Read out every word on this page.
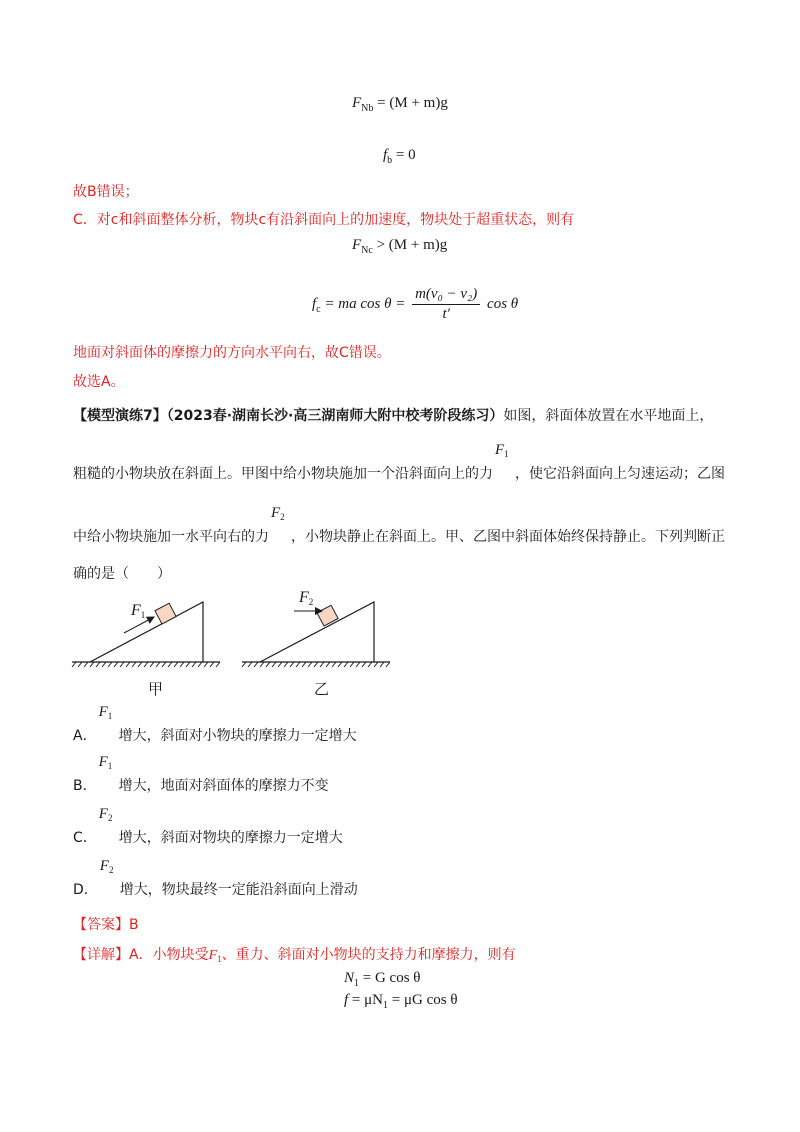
$F_{Nb} = (M + m)g$
$f_b = 0$
故B错误；
C．对c和斜面整体分析，物块c有沿斜面向上的加速度，物块处于超重状态，则有
$F_{Nc} > (M + m)g$
$f_c$ = ma $\cos \theta = \frac{\text{m(v₀ − v₂)}}{t'}$ cos θ
地面对斜面体的摩擦力的方向水平向右，故C错误。
故选A。
【模型演练7】（2023春·湖南长沙·高三湖南师大附中校考阶段练习）如图，斜面体放置在水平地面上，
粗糙的小物块放在斜面上。甲图中给小物块施加一个沿斜面向上的力
$F_1$
，使它沿斜面向上匀速运动；乙图
中给小物块施加一水平向右的力
$F_2$
，小物块静止在斜面上。甲、乙图中斜面体始终保持静止。下列判断正
确的是（　　）
$F_1$
$F_2$
甲	乙
A．
$F_1$
增大，斜面对小物块的摩擦力一定增大
B．
$F_1$
增大，地面对斜面体的摩擦力不变
C．
$F_2$
增大，斜面对物块的摩擦力一定增大
D．
$F_2$
增大，物块最终一定能沿斜面向上滑动
【答案】B
【详解】A．小物块受$F_1$、重力、斜面对小物块的支持力和摩擦力，则有
$N_1 = G$ cos θ
$f = \mu N_1 = \mu G$ cos θ
